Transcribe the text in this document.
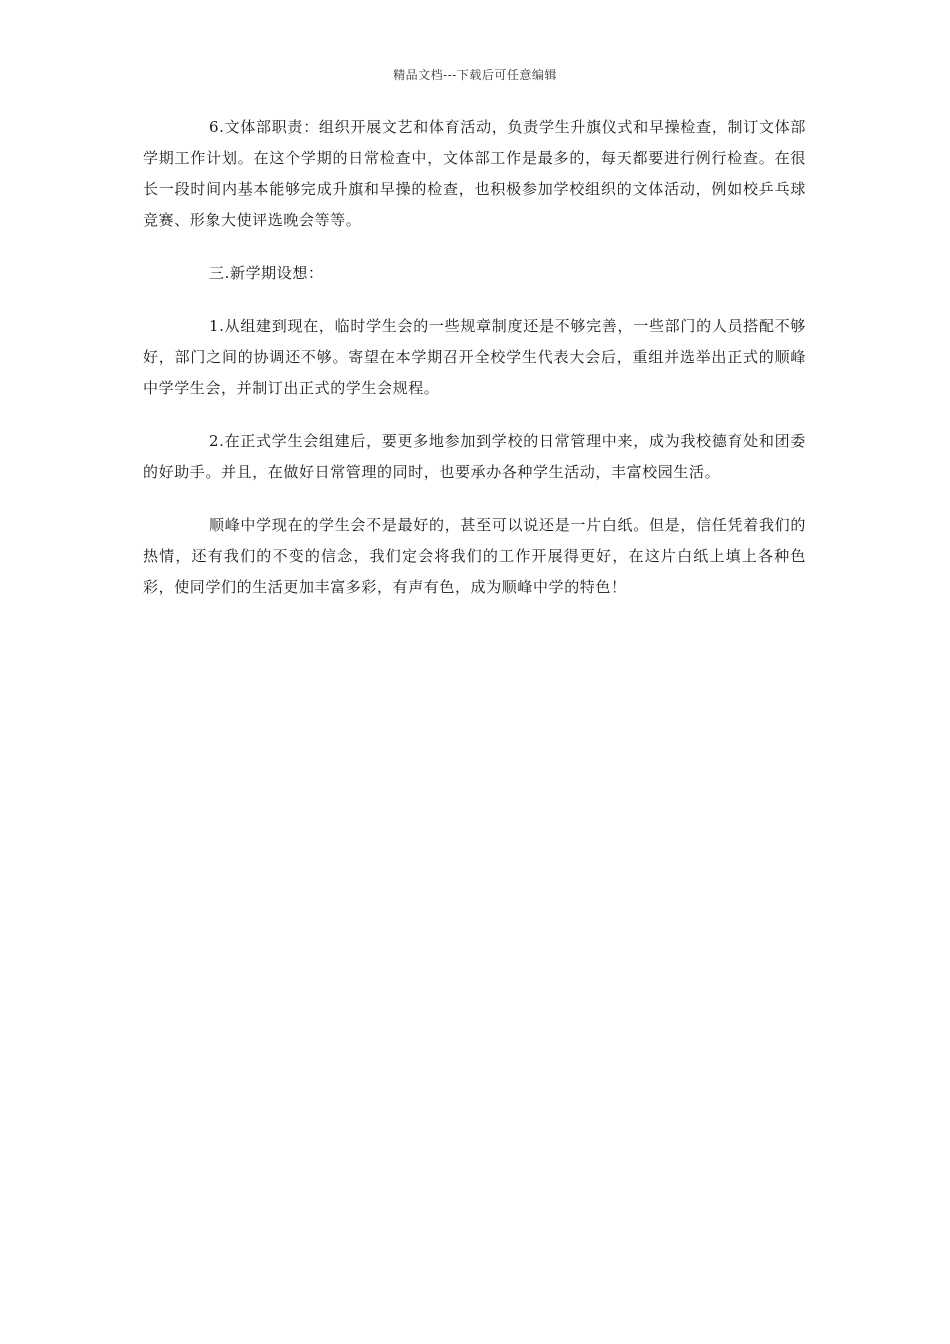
精品文档---下载后可任意编辑

6.文体部职责：组织开展文艺和体育活动，负责学生升旗仪式和早操检查，制订文体部学期工作计划。在这个学期的日常检查中，文体部工作是最多的，每天都要进行例行检查。在很长一段时间内基本能够完成升旗和早操的检查，也积极参加学校组织的文体活动，例如校乒乓球竞赛、形象大使评选晚会等等。

三.新学期设想：

1.从组建到现在，临时学生会的一些规章制度还是不够完善，一些部门的人员搭配不够好，部门之间的协调还不够。寄望在本学期召开全校学生代表大会后，重组并选举出正式的顺峰中学学生会，并制订出正式的学生会规程。

2.在正式学生会组建后，要更多地参加到学校的日常管理中来，成为我校德育处和团委的好助手。并且，在做好日常管理的同时，也要承办各种学生活动，丰富校园生活。

顺峰中学现在的学生会不是最好的，甚至可以说还是一片白纸。但是，信任凭着我们的热情，还有我们的不变的信念，我们定会将我们的工作开展得更好，在这片白纸上填上各种色彩，使同学们的生活更加丰富多彩，有声有色，成为顺峰中学的特色！
